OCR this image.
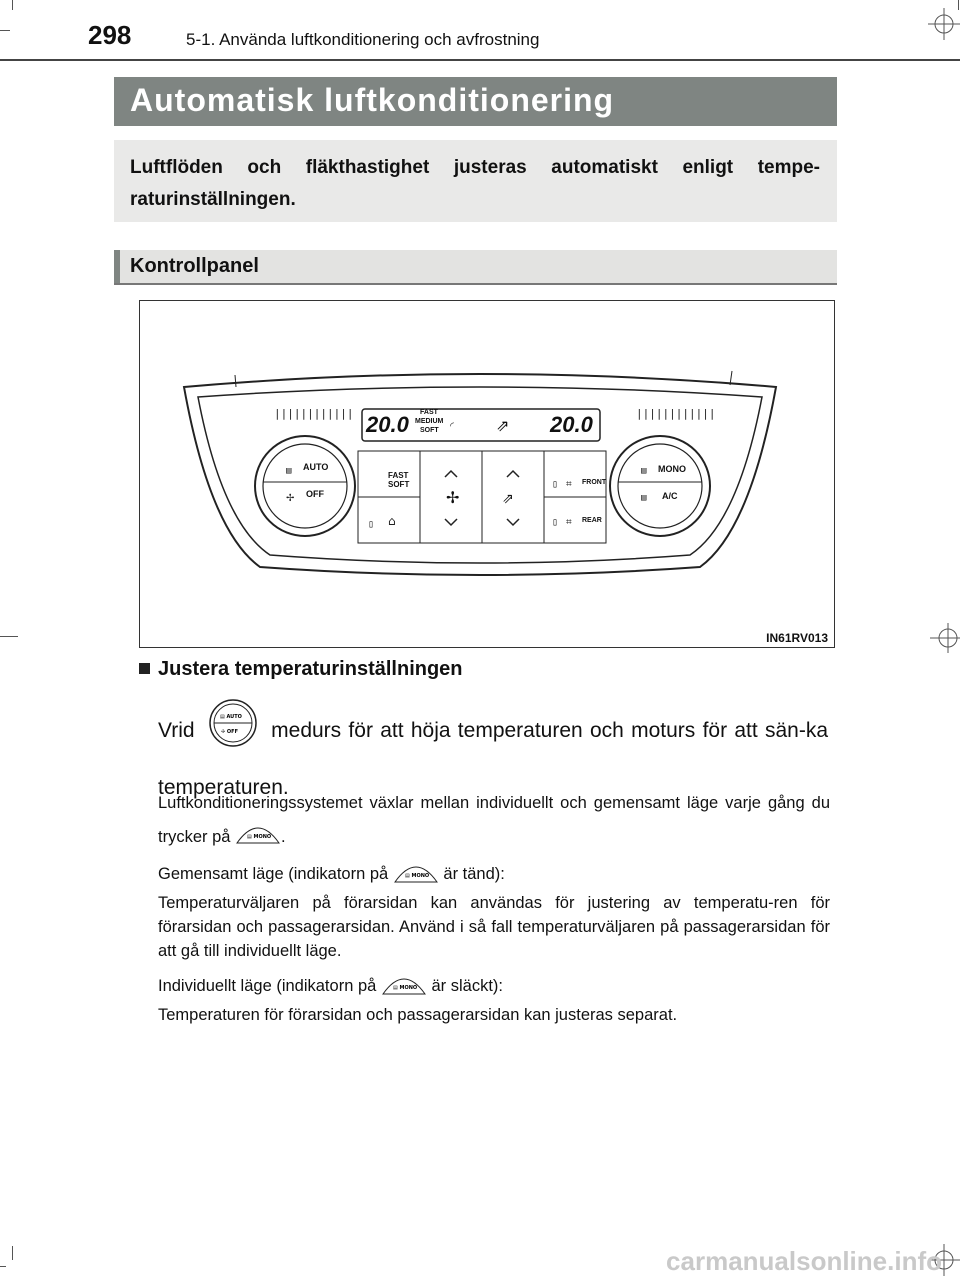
298	5-1. Använda luftkonditionering och avfrostning
Automatisk luftkonditionering

Luftflöden och fläkthastighet justeras automatiskt enligt tempe-raturinställningen.

Kontrollpanel
✢	⇗
⇗
||||||||||||	||||||||||||
▤
✢
▯ ⌂
▯ ⌗
▯ ⌗
▤
▤
◜
20.0	20.0
FAST
MEDIUM
SOFT
AUTO
OFF
FAST
SOFT	FRONT
REAR
MONO
A/C
IN61RV013
Justera temperaturinställningen
Vrid
▤ AUTO
✢ OFF medurs för att höja temperaturen och moturs för att sän-ka temperaturen.
Luftkonditioneringssystemet växlar mellan individuellt och gemensamt läge varje gång du trycker på	▤ MONO .
Gemensamt läge (indikatorn på	▤ MONO är tänd):
Temperaturväljaren på förarsidan kan användas för justering av temperatu-ren för förarsidan och passagerarsidan. Använd i så fall temperaturväljaren på passagerarsidan för att gå till individuellt läge.
Individuellt läge (indikatorn på	▤ MONO är släckt):
Temperaturen för förarsidan och passagerarsidan kan justeras separat.
carmanualsonline.info
